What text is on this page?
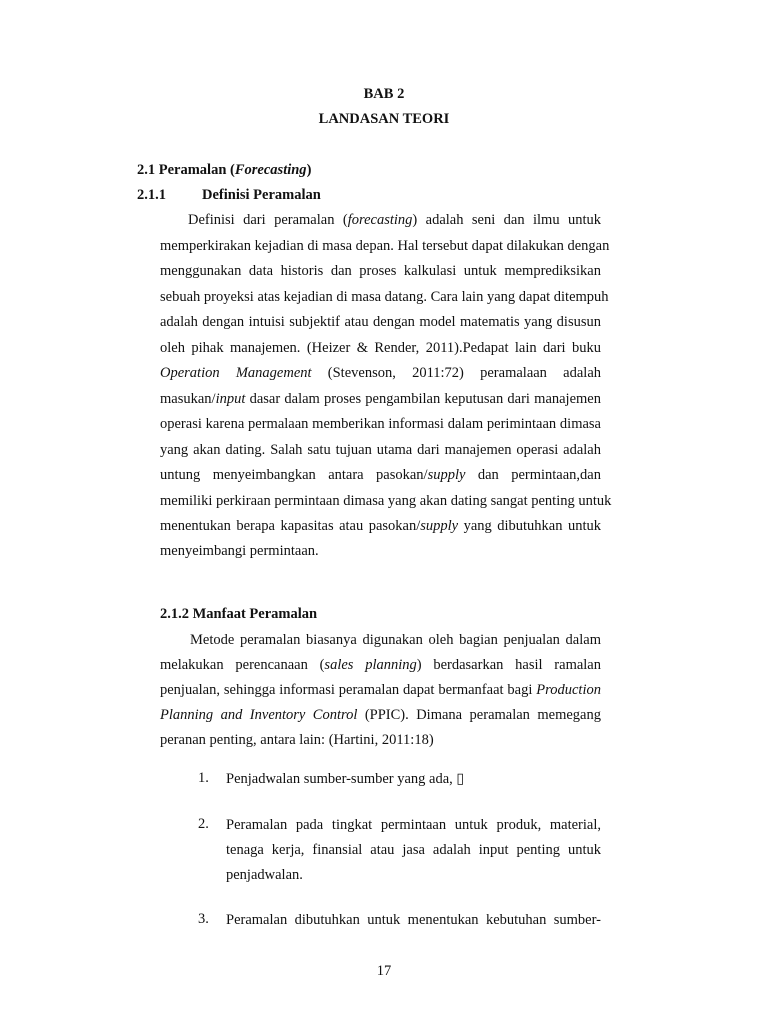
BAB 2
LANDASAN TEORI
2.1 Peramalan (Forecasting)
2.1.1 Definisi Peramalan
Definisi dari peramalan (forecasting) adalah seni dan ilmu untuk
memperkirakan kejadian di masa depan. Hal tersebut dapat dilakukan dengan
menggunakan data historis dan proses kalkulasi untuk memprediksikan
sebuah proyeksi atas kejadian di masa datang. Cara lain yang dapat ditempuh
adalah dengan intuisi subjektif atau dengan model matematis yang disusun
oleh pihak manajemen. (Heizer & Render, 2011).Pedapat lain dari buku
Operation Management (Stevenson, 2011:72) peramalaan adalah
masukan/input dasar dalam proses pengambilan keputusan dari manajemen
operasi karena permalaan memberikan informasi dalam perimintaan dimasa
yang akan dating. Salah satu tujuan utama dari manajemen operasi adalah
untung menyeimbangkan antara pasokan/supply dan permintaan,dan
memiliki perkiraan permintaan dimasa yang akan dating sangat penting untuk
menentukan berapa kapasitas atau pasokan/supply yang dibutuhkan untuk
menyeimbangi permintaan.
2.1.2 Manfaat Peramalan
Metode peramalan biasanya digunakan oleh bagian penjualan dalam
melakukan perencanaan (sales planning) berdasarkan hasil ramalan
penjualan, sehingga informasi peramalan dapat bermanfaat bagi Production
Planning and Inventory Control (PPIC). Dimana peramalan memegang
peranan penting, antara lain: (Hartini, 2011:18)
1. Penjadwalan sumber-sumber yang ada, ▯
2. Peramalan pada tingkat permintaan untuk produk, material,
tenaga kerja, finansial atau jasa adalah input penting untuk
penjadwalan.
3. Peramalan dibutuhkan untuk menentukan kebutuhan sumber-
17
